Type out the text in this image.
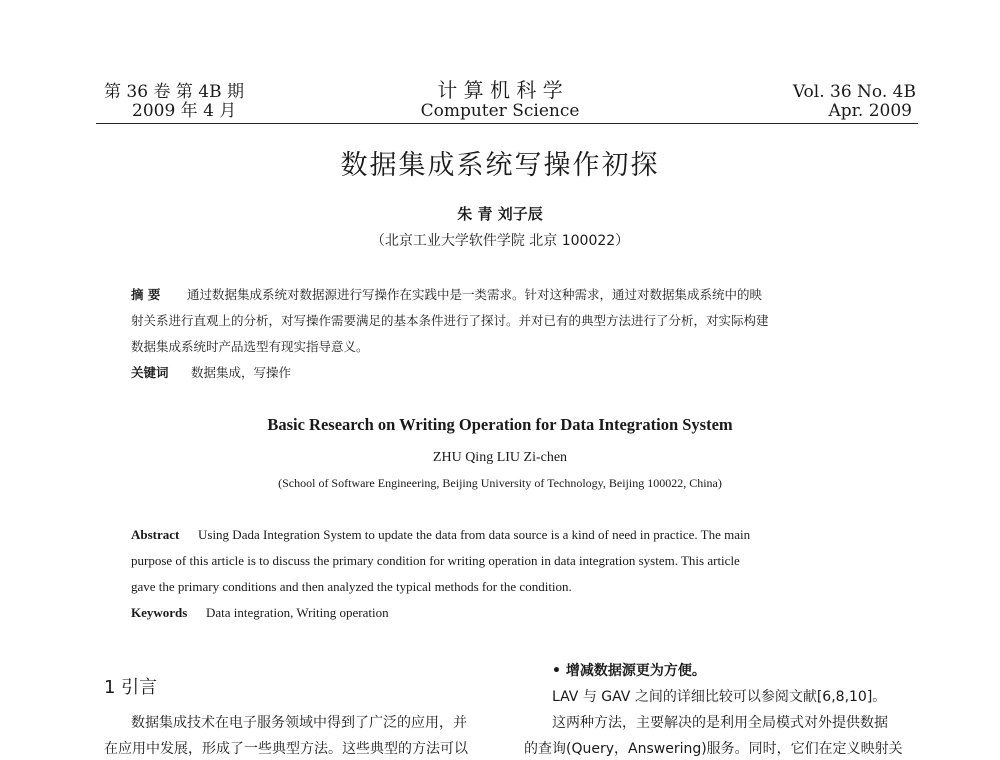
第 36 卷 第 4B 期
2009 年 4 月
计 算 机 科 学
Computer Science
Vol. 36 No. 4B
Apr. 2009
数据集成系统写操作初探
朱 青 刘子辰
（北京工业大学软件学院 北京 100022）
摘 要 通过数据集成系统对数据源进行写操作在实践中是一类需求。针对这种需求，通过对数据集成系统中的映
射关系进行直观上的分析，对写操作需要满足的基本条件进行了探讨。并对已有的典型方法进行了分析，对实际构建
数据集成系统时产品选型有现实指导意义。
关键词 数据集成，写操作
Basic Research on Writing Operation for Data Integration System
ZHU Qing LIU Zi-chen
(School of Software Engineering, Beijing University of Technology, Beijing 100022, China)
Abstract Using Dada Integration System to update the data from data source is a kind of need in practice. The main
purpose of this article is to discuss the primary condition for writing operation in data integration system. This article
gave the primary conditions and then analyzed the typical methods for the condition.
Keywords Data integration, Writing operation
1 引言
数据集成技术在电子服务领域中得到了广泛的应用，并
在应用中发展，形成了一些典型方法。这些典型的方法可以
• 增减数据源更为方便。
LAV 与 GAV 之间的详细比较可以参阅文献[6,8,10]。
这两种方法，主要解决的是利用全局模式对外提供数据
的查询(Query，Answering)服务。同时，它们在定义映射关
